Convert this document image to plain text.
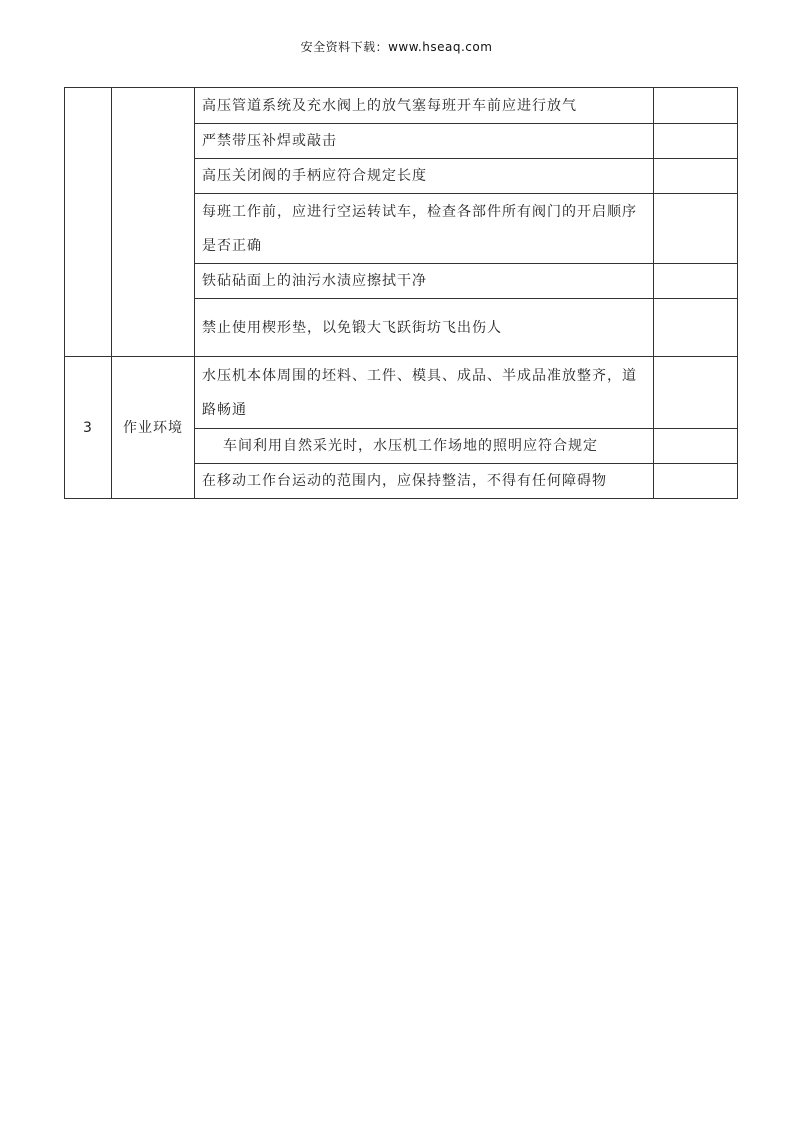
安全资料下载：www.hseaq.com
		高压管道系统及充水阀上的放气塞每班开车前应进行放气	
		严禁带压补焊或敲击	
		高压关闭阀的手柄应符合规定长度	
		每班工作前，应进行空运转试车，检查各部件所有阀门的开启顺序是否正确	
		铁砧砧面上的油污水渍应擦拭干净	
		禁止使用楔形垫，以免锻大飞跃街坊飞出伤人	
3	作业环境	水压机本体周围的坯料、工件、模具、成品、半成品准放整齐，道路畅通	
		车间利用自然采光时，水压机工作场地的照明应符合规定	
		在移动工作台运动的范围内，应保持整洁，不得有任何障碍物	
